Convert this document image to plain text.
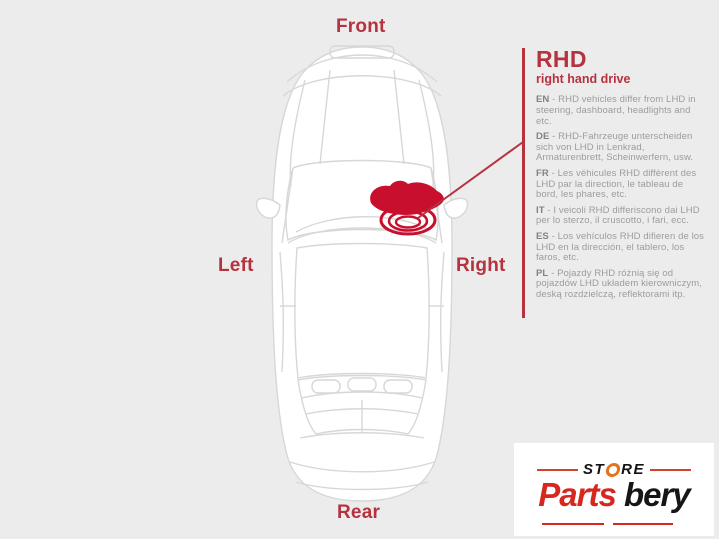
Front
Left	Right
Rear
RHD
right hand drive

EN - RHD vehicles differ from LHD in steering, dashboard, headlights and etc.

DE - RHD-Fahrzeuge unterscheiden sich von LHD in Lenkrad, Armaturenbrett, Scheinwerfern, usw.

FR - Les véhicules RHD diffèrent des LHD par la direction, le tableau de bord, les phares, etc.

IT - I veicoli RHD differiscono dai LHD per lo sterzo, il cruscotto, i fari, ecc.

ES - Los vehículos RHD difieren de los LHD en la dirección, el tablero, los faros, etc.

PL - Pojazdy RHD różnią się od pojazdów LHD układem kierowniczym, deską rozdzielczą, reflektorami itp.

ST RE
Parts bery
